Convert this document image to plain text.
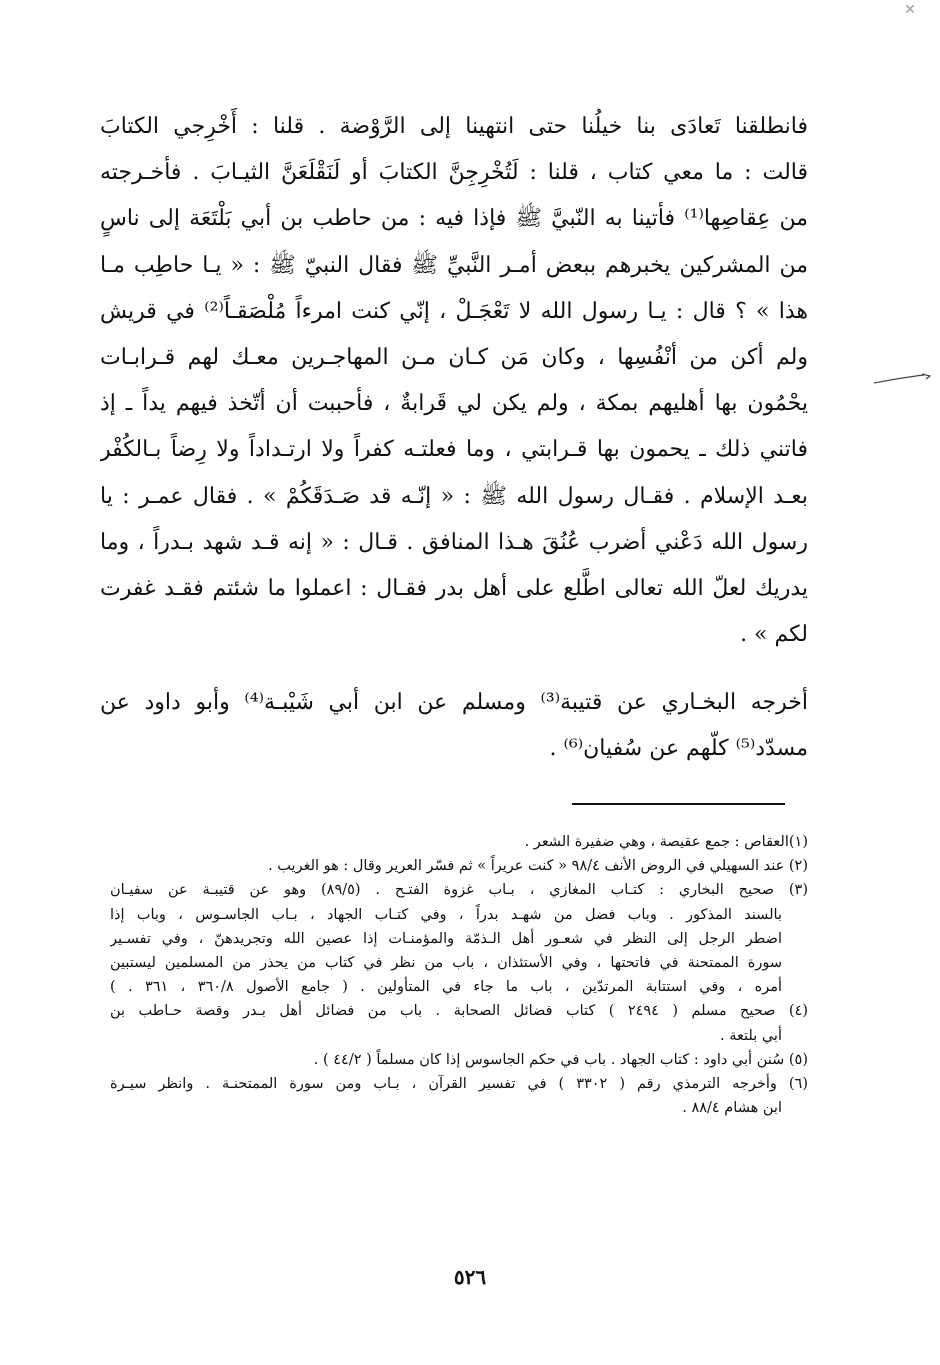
✕
فانطلقنا تَعادَى بنا خيلُنا حتى انتهينا إلى الرَّوْضة . قلنا : أَخْرِجي الكتابَ
قالت : ما معي كتاب ، قلنا : لَتُخْرِجِنَّ الكتابَ أو لَنَقْلَعَنَّ الثيـابَ . فأخـرجته
من عِقاصِها⁽¹⁾ فأتينا به النّبيَّ ﷺ فإذا فيه : من حاطب بن أبي بَلْتَعَة إلى ناسٍ
من المشركين يخبرهم ببعض أمـر النَّبيِّ ﷺ فقال النبيّ ﷺ : « يـا حاطِب مـا
هذا » ؟ قال : يـا رسول الله لا تَعْجَـلْ ، إنّي كنت امرءاً مُلْصَقـاً⁽²⁾ في قريش
ولم أكن من أنْفُسِها ، وكان مَن كـان مـن المهاجـرين معـك لهم قـرابـات
يحْمُون بها أهليهم بمكة ، ولم يكن لي قَرابةٌ ، فأحببت أن أتّخذ فيهم يداً ـ إذ
فاتني ذلك ـ يحمون بها قـرابتي ، وما فعلتـه كفراً ولا ارتـداداً ولا رِضاً بـالكُفْر
بعـد الإسلام . فقـال رسول الله ﷺ : « إنّـه قد صَـدَقَكُمْ » . فقال عمـر : يا
رسول الله دَعْني أضرب عُنُقَ هـذا المنافق . قـال : « إنه قـد شهد بـدراً ، وما
يدريك لعلّ الله تعالى اطَّلع على أهل بدر فقـال : اعملوا ما شئتم فقـد غفرت
لكم » .
أخرجه البخـاري عن قتيبة⁽³⁾ ومسلم عن ابن أبي شَيْبـة⁽⁴⁾ وأبو داود عن
مسدّد⁽⁵⁾ كلّهم عن سُفيان⁽⁶⁾ .
(١)العقاص : جمع عقيصة ، وهي ضفيرة الشعر .
(٢) عند السهيلي في الروض الأنف ٩٨/٤ « كنت عريراً » ثم فسّر العرير وقال : هو الغريب .
(٣) صحيح البخاري : كتـاب المغازي ، بـاب غزوة الفتـح . (٨٩/٥) وهو عن قتيبـة عن سفيـان
بالسند المذكور . وباب فضل من شهـد بدراً ، وفي كتـاب الجهاد ، بـاب الجاسـوس ، وباب إذا
اضطر الرجل إلى النظر في شعـور أهل الـذمّة والمؤمنـات إذا عصين الله وتجريدهنّ ، وفي تفسـير
سورة الممتحنة في فاتحتها ، وفي الأستئذان ، باب من نظر في كتاب من يحذر من المسلمين ليستبين
أمره ، وفي استتابة المرتدّين ، باب ما جاء في المتأولين . ( جامع الأصول ٣٦٠/٨ ، ٣٦١ . )
(٤) صحيح مسلم ( ٢٤٩٤ ) كتاب فضائل الصحابة . باب من فضائل أهل بـدر وقصة حـاطب بن
أبي بلتعة .
(٥) سُنن أبي داود : كتاب الجهاد . باب في حكم الجاسوس إذا كان مسلماً ( ٤٤/٢ ) .
(٦) وأخرجه الترمذي رقم ( ٣٣٠٢ ) في تفسير القرآن ، بـاب ومن سورة الممتحنـة . وانظر سيـرة
ابن هشام ٨٨/٤ .
٥٢٦
